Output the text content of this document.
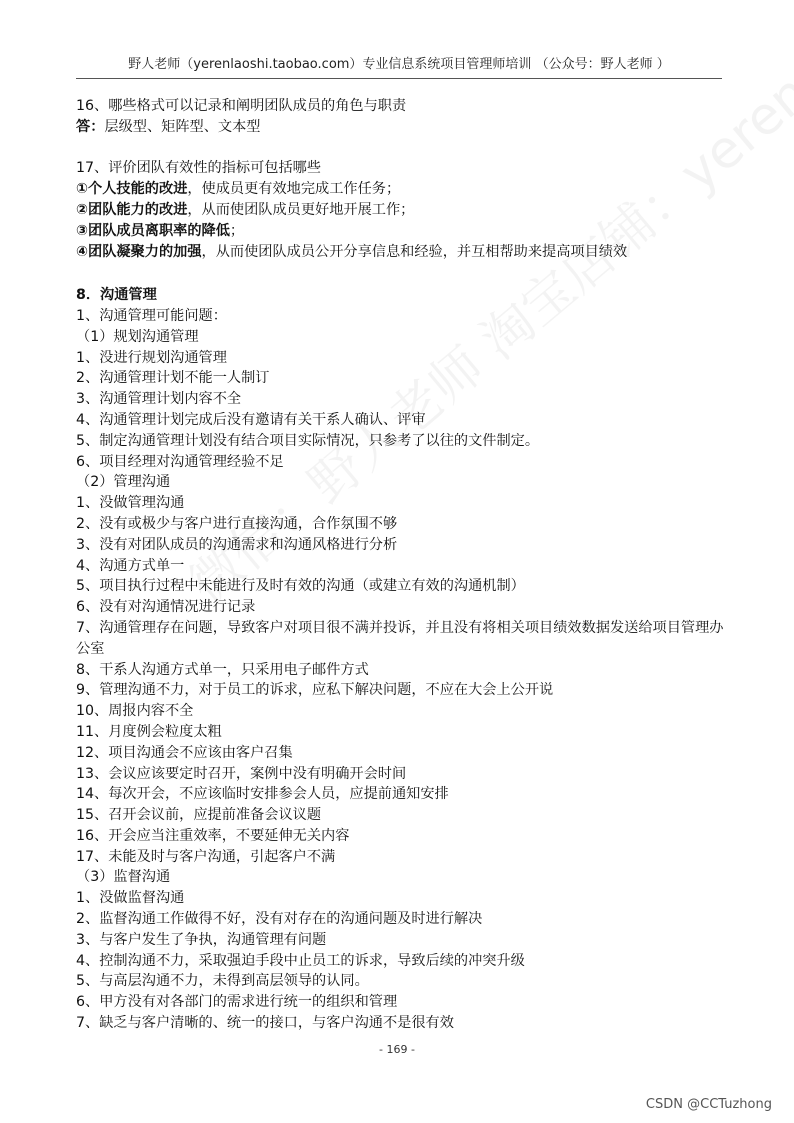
野人老师（yerenlaoshi.taobao.com）专业信息系统项目管理师培训 （公众号：野人老师 ）
16、哪些格式可以记录和阐明团队成员的角色与职责
答：层级型、矩阵型、文本型
17、评价团队有效性的指标可包括哪些
①个人技能的改进，使成员更有效地完成工作任务；
②团队能力的改进，从而使团队成员更好地开展工作；
③团队成员离职率的降低；
④团队凝聚力的加强，从而使团队成员公开分享信息和经验，并互相帮助来提高项目绩效
8．沟通管理
1、沟通管理可能问题：
（1）规划沟通管理
1、没进行规划沟通管理
2、沟通管理计划不能一人制订
3、沟通管理计划内容不全
4、沟通管理计划完成后没有邀请有关干系人确认、评审
5、制定沟通管理计划没有结合项目实际情况，只参考了以往的文件制定。
6、项目经理对沟通管理经验不足
（2）管理沟通
1、没做管理沟通
2、没有或极少与客户进行直接沟通，合作氛围不够
3、没有对团队成员的沟通需求和沟通风格进行分析
4、沟通方式单一
5、项目执行过程中未能进行及时有效的沟通（或建立有效的沟通机制）
6、没有对沟通情况进行记录
7、沟通管理存在问题，导致客户对项目很不满并投诉，并且没有将相关项目绩效数据发送给项目管理办公室
8、干系人沟通方式单一，只采用电子邮件方式
9、管理沟通不力，对于员工的诉求，应私下解决问题，不应在大会上公开说
10、周报内容不全
11、月度例会粒度太粗
12、项目沟通会不应该由客户召集
13、会议应该要定时召开，案例中没有明确开会时间
14、每次开会，不应该临时安排参会人员，应提前通知安排
15、召开会议前，应提前准备会议议题
16、开会应当注重效率，不要延伸无关内容
17、未能及时与客户沟通，引起客户不满
（3）监督沟通
1、没做监督沟通
2、监督沟通工作做得不好，没有对存在的沟通问题及时进行解决
3、与客户发生了争执，沟通管理有问题
4、控制沟通不力，采取强迫手段中止员工的诉求，导致后续的冲突升级
5、与高层沟通不力，未得到高层领导的认同。
6、甲方没有对各部门的需求进行统一的组织和管理
7、缺乏与客户清晰的、统一的接口，与客户沟通不是很有效
- 169 -
CSDN @CCTuzhong
